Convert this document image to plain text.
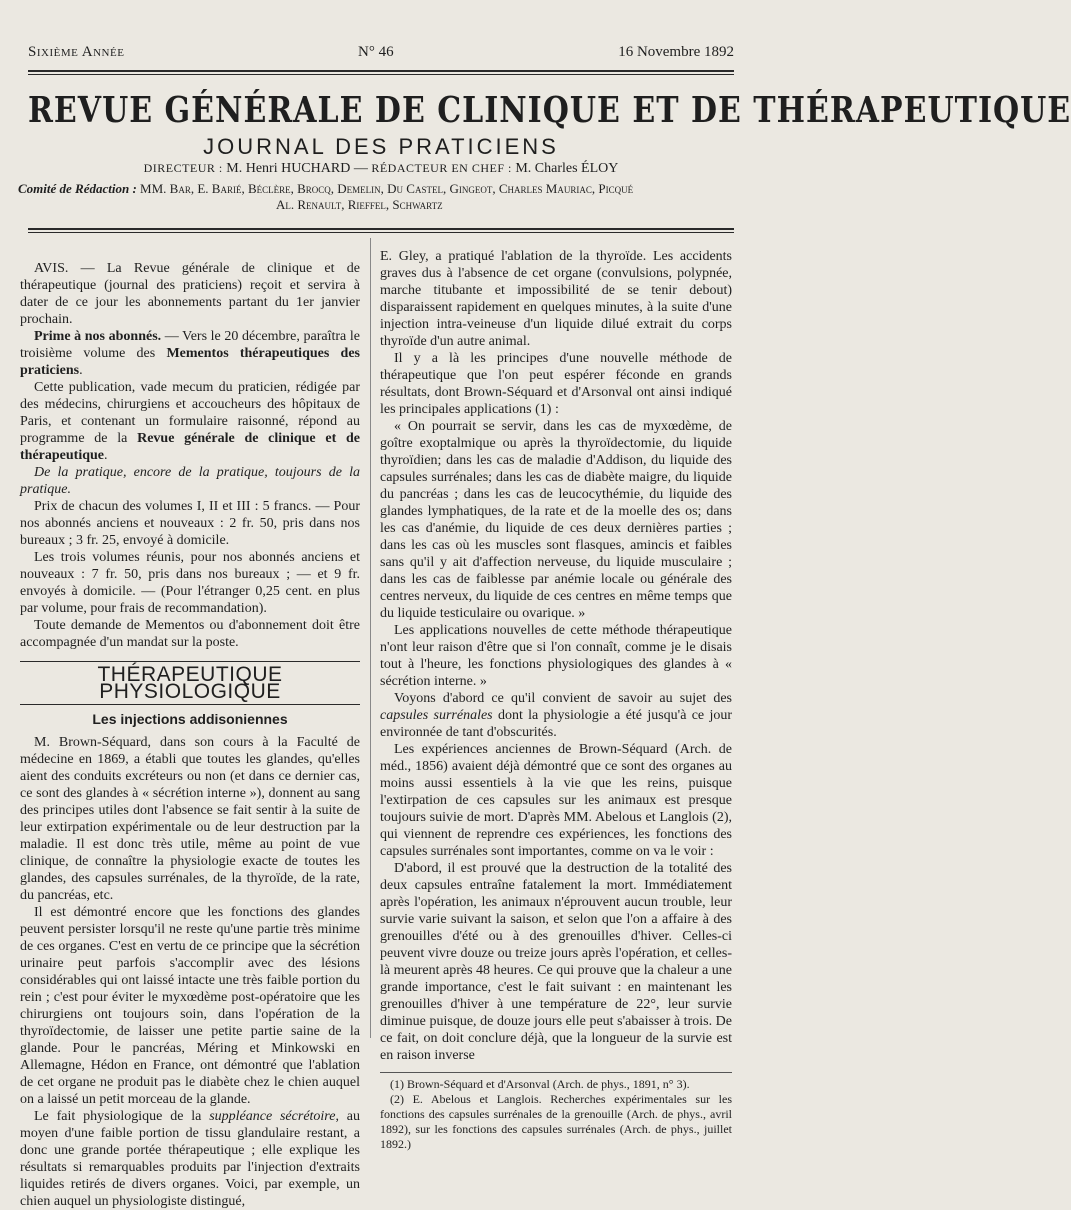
Sixième Année	N° 46	16 Novembre 1892
REVUE GÉNÉRALE DE CLINIQUE ET DE THÉRAPEUTIQUE
JOURNAL DES PRATICIENS
DIRECTEUR : M. Henri HUCHARD — RÉDACTEUR EN CHEF : M. Charles ÉLOY
Comité de Rédaction : MM. Bar, E. Barié, Béclère, Brocq, Demelin, Du Castel, Gingeot, Charles Mauriac, Picqué
Al. Renault, Rieffel, Schwartz

AVIS. — La Revue générale de clinique et de thérapeutique (journal des praticiens) reçoit et servira à dater de ce jour les abonnements partant du 1er janvier prochain.

Prime à nos abonnés. — Vers le 20 décembre, paraîtra le troisième volume des Mementos thérapeutiques des praticiens.

Cette publication, vade mecum du praticien, rédigée par des médecins, chirurgiens et accoucheurs des hôpitaux de Paris, et contenant un formulaire raisonné, répond au programme de la Revue générale de clinique et de thérapeutique.

De la pratique, encore de la pratique, toujours de la pratique.

Prix de chacun des volumes I, II et III : 5 francs. — Pour nos abonnés anciens et nouveaux : 2 fr. 50, pris dans nos bureaux ; 3 fr. 25, envoyé à domicile.

Les trois volumes réunis, pour nos abonnés anciens et nouveaux : 7 fr. 50, pris dans nos bureaux ; — et 9 fr. envoyés à domicile. — (Pour l'étranger 0,25 cent. en plus par volume, pour frais de recommandation).

Toute demande de Mementos ou d'abonnement doit être accompagnée d'un mandat sur la poste.

THÉRAPEUTIQUE PHYSIOLOGIQUE
Les injections addisoniennes

M. Brown-Séquard, dans son cours à la Faculté de médecine en 1869, a établi que toutes les glandes, qu'elles aient des conduits excréteurs ou non (et dans ce dernier cas, ce sont des glandes à « sécrétion interne »), donnent au sang des principes utiles dont l'absence se fait sentir à la suite de leur extirpation expérimentale ou de leur destruction par la maladie. Il est donc très utile, même au point de vue clinique, de connaître la physiologie exacte de toutes les glandes, des capsules surrénales, de la thyroïde, de la rate, du pancréas, etc.

Il est démontré encore que les fonctions des glandes peuvent persister lorsqu'il ne reste qu'une partie très minime de ces organes. C'est en vertu de ce principe que la sécrétion urinaire peut parfois s'accomplir avec des lésions considérables qui ont laissé intacte une très faible portion du rein ; c'est pour éviter le myxœdème post-opératoire que les chirurgiens ont toujours soin, dans l'opération de la thyroïdectomie, de laisser une petite partie saine de la glande. Pour le pancréas, Méring et Minkowski en Allemagne, Hédon en France, ont démontré que l'ablation de cet organe ne produit pas le diabète chez le chien auquel on a laissé un petit morceau de la glande.

Le fait physiologique de la suppléance sécrétoire, au moyen d'une faible portion de tissu glandulaire restant, a donc une grande portée thérapeutique ; elle explique les résultats si remarquables produits par l'injection d'extraits liquides retirés de divers organes. Voici, par exemple, un chien auquel un physiologiste distingué,

E. Gley, a pratiqué l'ablation de la thyroïde. Les accidents graves dus à l'absence de cet organe (convulsions, polypnée, marche titubante et impossibilité de se tenir debout) disparaissent rapidement en quelques minutes, à la suite d'une injection intra-veineuse d'un liquide dilué extrait du corps thyroïde d'un autre animal.

Il y a là les principes d'une nouvelle méthode de thérapeutique que l'on peut espérer féconde en grands résultats, dont Brown-Séquard et d'Arsonval ont ainsi indiqué les principales applications (1) :

« On pourrait se servir, dans les cas de myxœdème, de goître exoptalmique ou après la thyroïdectomie, du liquide thyroïdien; dans les cas de maladie d'Addison, du liquide des capsules surrénales; dans les cas de diabète maigre, du liquide du pancréas ; dans les cas de leucocythémie, du liquide des glandes lymphatiques, de la rate et de la moelle des os; dans les cas d'anémie, du liquide de ces deux dernières parties ; dans les cas où les muscles sont flasques, amincis et faibles sans qu'il y ait d'affection nerveuse, du liquide musculaire ; dans les cas de faiblesse par anémie locale ou générale des centres nerveux, du liquide de ces centres en même temps que du liquide testiculaire ou ovarique. »

Les applications nouvelles de cette méthode thérapeutique n'ont leur raison d'être que si l'on connaît, comme je le disais tout à l'heure, les fonctions physiologiques des glandes à « sécrétion interne. »

Voyons d'abord ce qu'il convient de savoir au sujet des capsules surrénales dont la physiologie a été jusqu'à ce jour environnée de tant d'obscurités.

Les expériences anciennes de Brown-Séquard (Arch. de méd., 1856) avaient déjà démontré que ce sont des organes au moins aussi essentiels à la vie que les reins, puisque l'extirpation de ces capsules sur les animaux est presque toujours suivie de mort. D'après MM. Abelous et Langlois (2), qui viennent de reprendre ces expériences, les fonctions des capsules surrénales sont importantes, comme on va le voir :

D'abord, il est prouvé que la destruction de la totalité des deux capsules entraîne fatalement la mort. Immédiatement après l'opération, les animaux n'éprouvent aucun trouble, leur survie varie suivant la saison, et selon que l'on a affaire à des grenouilles d'été ou à des grenouilles d'hiver. Celles-ci peuvent vivre douze ou treize jours après l'opération, et celles-là meurent après 48 heures. Ce qui prouve que la chaleur a une grande importance, c'est le fait suivant : en maintenant les grenouilles d'hiver à une température de 22°, leur survie diminue puisque, de douze jours elle peut s'abaisser à trois. De ce fait, on doit conclure déjà, que la longueur de la survie est en raison inverse

(1) Brown-Séquard et d'Arsonval (Arch. de phys., 1891, n° 3).

(2) E. Abelous et Langlois. Recherches expérimentales sur les fonctions des capsules surrénales de la grenouille (Arch. de phys., avril 1892), sur les fonctions des capsules surrénales (Arch. de phys., juillet 1892.)
